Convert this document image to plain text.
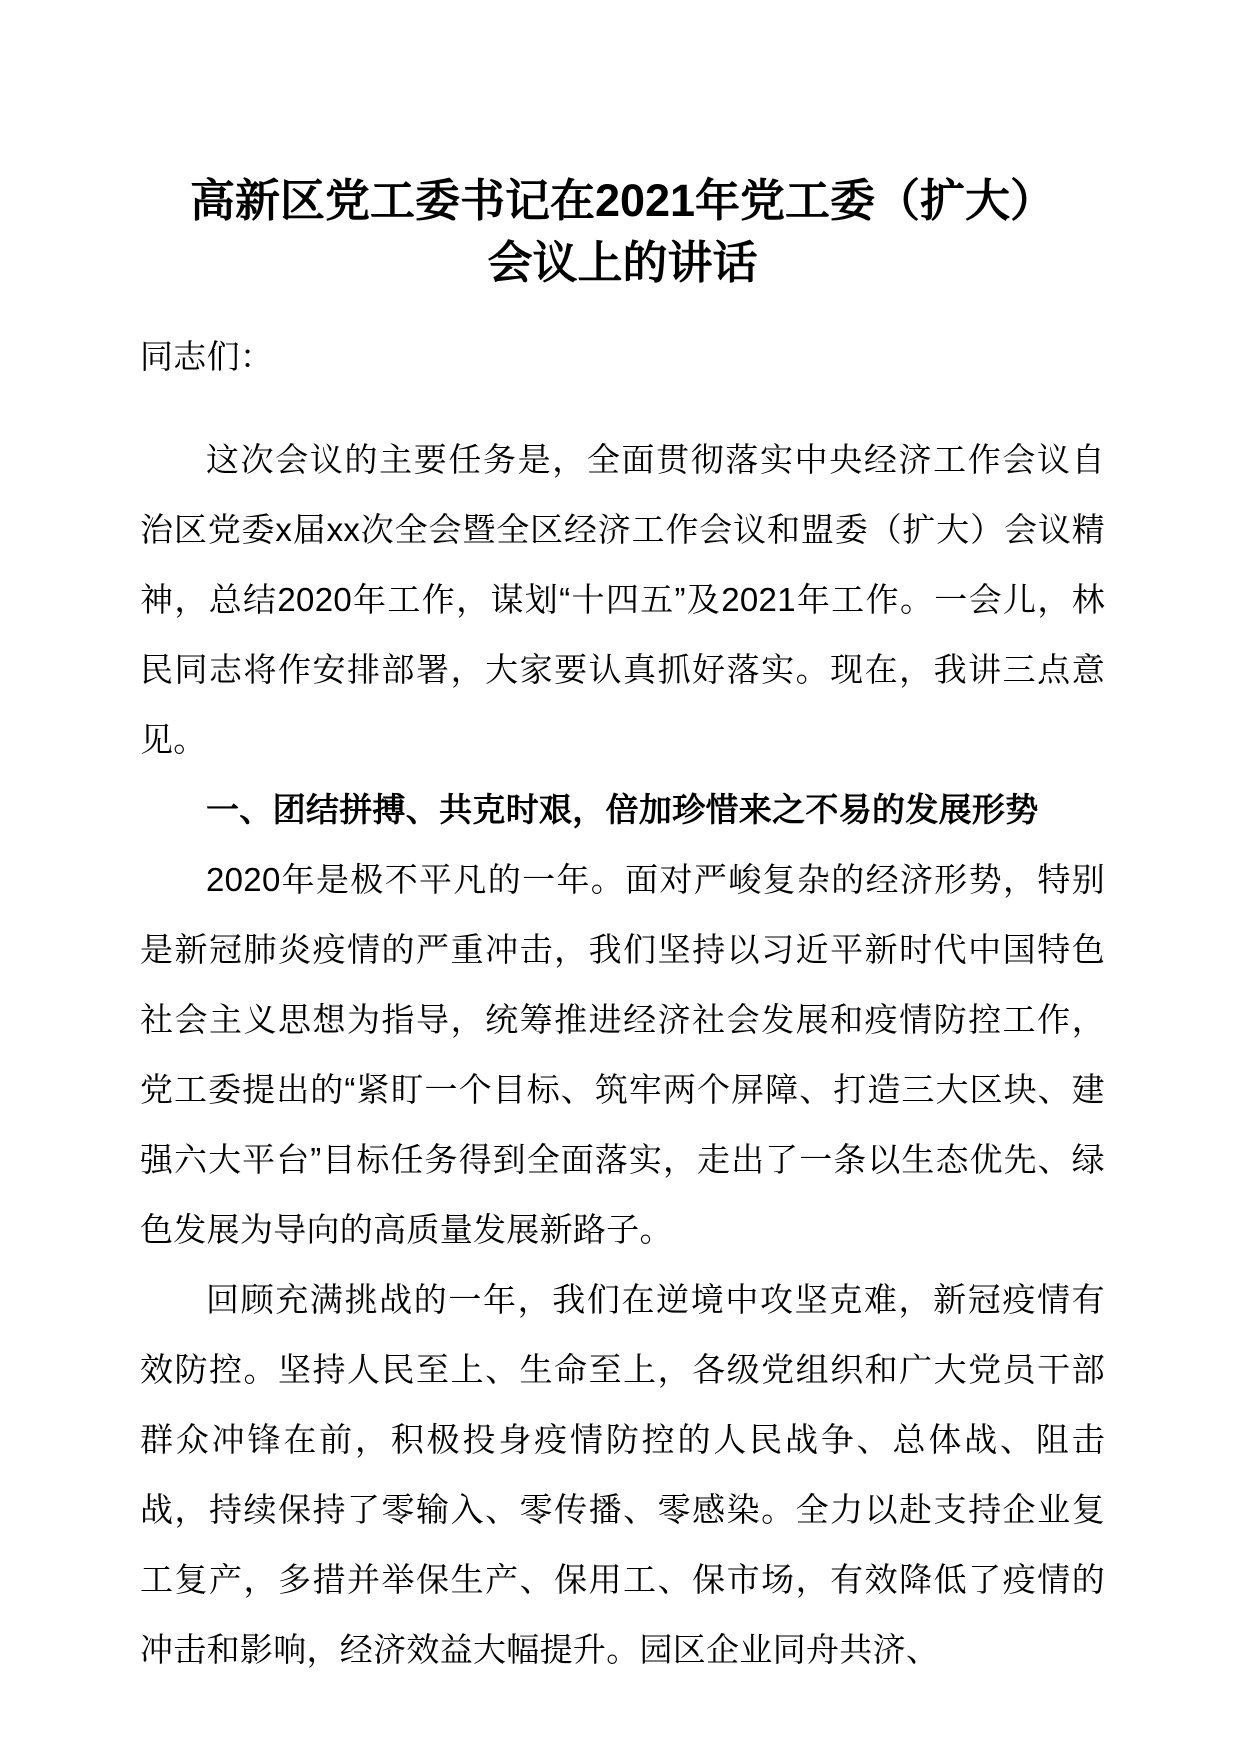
高新区党工委书记在2021年党工委（扩大）
会议上的讲话

同志们：

这次会议的主要任务是，全面贯彻落实中央经济工作会议自治区党委x届xx次全会暨全区经济工作会议和盟委（扩大）会议精神，总结2020年工作，谋划“十四五”及2021年工作。一会儿，林民同志将作安排部署，大家要认真抓好落实。现在，我讲三点意见。

一、团结拼搏、共克时艰，倍加珍惜来之不易的发展形势

2020年是极不平凡的一年。面对严峻复杂的经济形势，特别是新冠肺炎疫情的严重冲击，我们坚持以习近平新时代中国特色社会主义思想为指导，统筹推进经济社会发展和疫情防控工作，党工委提出的“紧盯一个目标、筑牢两个屏障、打造三大区块、建强六大平台”目标任务得到全面落实，走出了一条以生态优先、绿色发展为导向的高质量发展新路子。

回顾充满挑战的一年，我们在逆境中攻坚克难，新冠疫情有效防控。坚持人民至上、生命至上，各级党组织和广大党员干部群众冲锋在前，积极投身疫情防控的人民战争、总体战、阻击战，持续保持了零输入、零传播、零感染。全力以赴支持企业复工复产，多措并举保生产、保用工、保市场，有效降低了疫情的冲击和影响，经济效益大幅提升。园区企业同舟共济、
